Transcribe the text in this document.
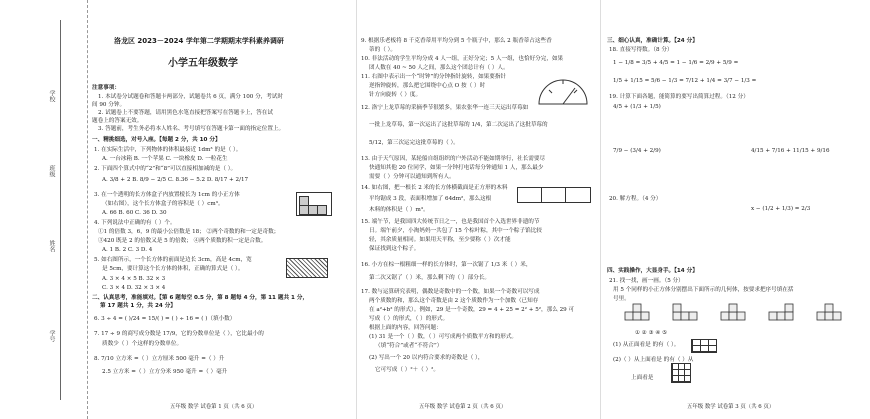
学校
班级
姓名
学号
洛龙区 2023－2024 学年第二学期期末学科素养调研
小学五年级数学
注意事项：
1. 本试卷分试题卷和答题卡两部分，试题卷共 6 页，满分 100 分，考试时
间 90 分钟。
2. 试题卷上不要答题，请用黑色水笔直接把答案写在答题卡上，答在试
题卷上的答案无效。
3. 答题前，考生务必将本人姓名、考号填写在答题卡第一面的指定位置上。
一、精挑细选，对号入座。【每题 2 分，共 10 分】
1. 在实际生活中，下列物体的体积最接近 1dm³ 的是（ ）。
A. 一台冰箱 B. 一个苹果 C. 一块橡皮 D. 一粒花生
2. 下面四个算式中的“2”和“8”可以直接相加减的是（ ）。
A. 3/8 + 2 B. 8/9 − 2/5 C. 8.36 − 5.2 D. 8/17 + 2/17
3. 在一个透明的长方体盒子内放置棱长为 1cm 的小正方体
（如右图），这个长方体盒子的容积是（ ）cm³。
A. 66 B. 60 C. 36 D. 30
4. 下列说法中正确的有（ ）个。
①1 的倍数 3，6，9 的最小公倍数是 18； ②两个奇数的和一定是奇数；
③420 既是 2 的倍数又是 5 的倍数； ④两个质数的积一定是合数。
A. 1 B. 2 C. 3 D. 4
5. 如右图所示，一个长方体的前面是边长 3cm，高是 4cm，宽
是 5cm，要计算这个长方体的体积，正确的算式是（ ）。
A. 3 × 4 × 5 B. 32 × 3
C. 3 × 4 D. 32 × 3 × 4
二、认真思考，准能填对。【第 6 题每空 0.5 分，第 8 题每 4 分，第 11 题共 1 分，
第 17 题共 1 分，共 24 分】
6. 3 ÷ 4 = ( )/24 = 15/( ) = ( ) ÷ 16 = ( )（填小数）
7. 17 ÷ 9 的商写成分数是 17/9，它的分数单位是（ ），它比最小的
质数少（ ）个这样的分数单位。
8. 7/10 立方米 =（ ）立方厘米 500 毫升 =（ ）升
2.5 立方米 =（ ）立方分米 950 毫升 =（ ）毫升
五年级 数学 试卷第 1 页（共 6 页）
9. 根据乐老板将 8 千克香蒂用平均分到 5 个瓶子中，那么 2 瓶香蒂占这些香
蒂的（ ）。
10. 非法活动的学生平均分成 4 人一组，正好分完；5 人一组，也恰好分完，如果
团人数在 40 ~ 50 人之间，那么这个团总计有（ ）人。
11. 右图中表示出一个“时钟”的分钟指针旋转，如果要指针
逆指钟旋转，那么把它围绕中心点 O 按（ ）时
针方向旋转（ ）度。
12. 洛宁上龙草莓的采摘季节很繁多，果农张华一连三天运出草莓如
一批上龙草莓，第一次运出了这批草莓的 1/4，第二次运出了这批草莓的
5/12，第三次运完这批草莓的（ ）。
13. 由于天气原因，某轮船自组组织的户外活动不能如期举行，社长需要尽
快通知其他 20 位同学，如果一分钟打电话每分钟通知 1 人，那么最少
需要（ ）分钟可以通知到所有人。
14. 如右图，把一根长 2 米的长方体横截面是正方形的木料
平均锯成 3 段，表面积增加了 64dm²，那么这根
木料的体积是（ ）m³。
15. 端午节，是我国四大传统节日之一，也是我国首个入选世界非遗的节
日。端午前夕，小淘妈妈一共包了 15 个棕叶粽，其中一个粽子馅比较
轻，其余质量相同。如果用天平称，至少要称（ ）次才能
保证找到这个粽子。
16. 小方在棕一根粗细一样的长方体时，第一次锯了 1/3 米（ ）米，
第二次又锯了（ ）米，那么剩下的（ ）部分长。
17. 数与运算研究表明，偶数是奇数中的一个数，如果一个奇数可以写成
两个质数的和，那么这个奇数是由 2 这个质数作为一个加数（已知存
在 a²+b² 的形式）。例如，29 是一个奇数，29 = 4 + 25 = 2² + 5²，那么 29 可
写成（ ）的形式，（ ）的形式。
根据上面的内容，回答问题：
(1) 31 是一个（ ）数，（ ）可写成两个质数平方和的形式。
（填“符合”或者“不符合”）
(2) 写出一个 20 以内符合要求的奇数是（ ），
它可写成（ ）²＋（ ）²。
五年级 数学 试卷第 2 页（共 6 页）
三、细心认真，准确计算。【24 分】
18. 直接写得数。（8 分）
1 − 1/8 = 3/5 + 4/5 = 1 − 1/6 = 2/9 + 5/9 =
1/5 + 1/15 = 5/6 − 1/3 = 7/12 + 1/4 = 3/7 − 1/3 =
19. 计算下面各题，能简算的要写出简算过程。（12 分）
4/5 + (1/3 + 1/5)
7/9 − (3/4 + 2/9)	4/15 + 7/16 + 11/15 + 9/16
20. 解方程。（4 分）
x − (1/2 + 1/3) = 2/3
四、实践操作，大显身手。【14 分】
21. 找一找，画一画。（5 分）
用 5 个同样的小正方体分别摆出下面所示的几何体，按要求把序号填在括
号里。
① ② ③ ④ ⑤
(1) 从正面看是 的有（ ）。
(2)（ ）从上面看是 的有（ ）从
上面看是
五年级 数学 试卷第 3 页（共 6 页）
